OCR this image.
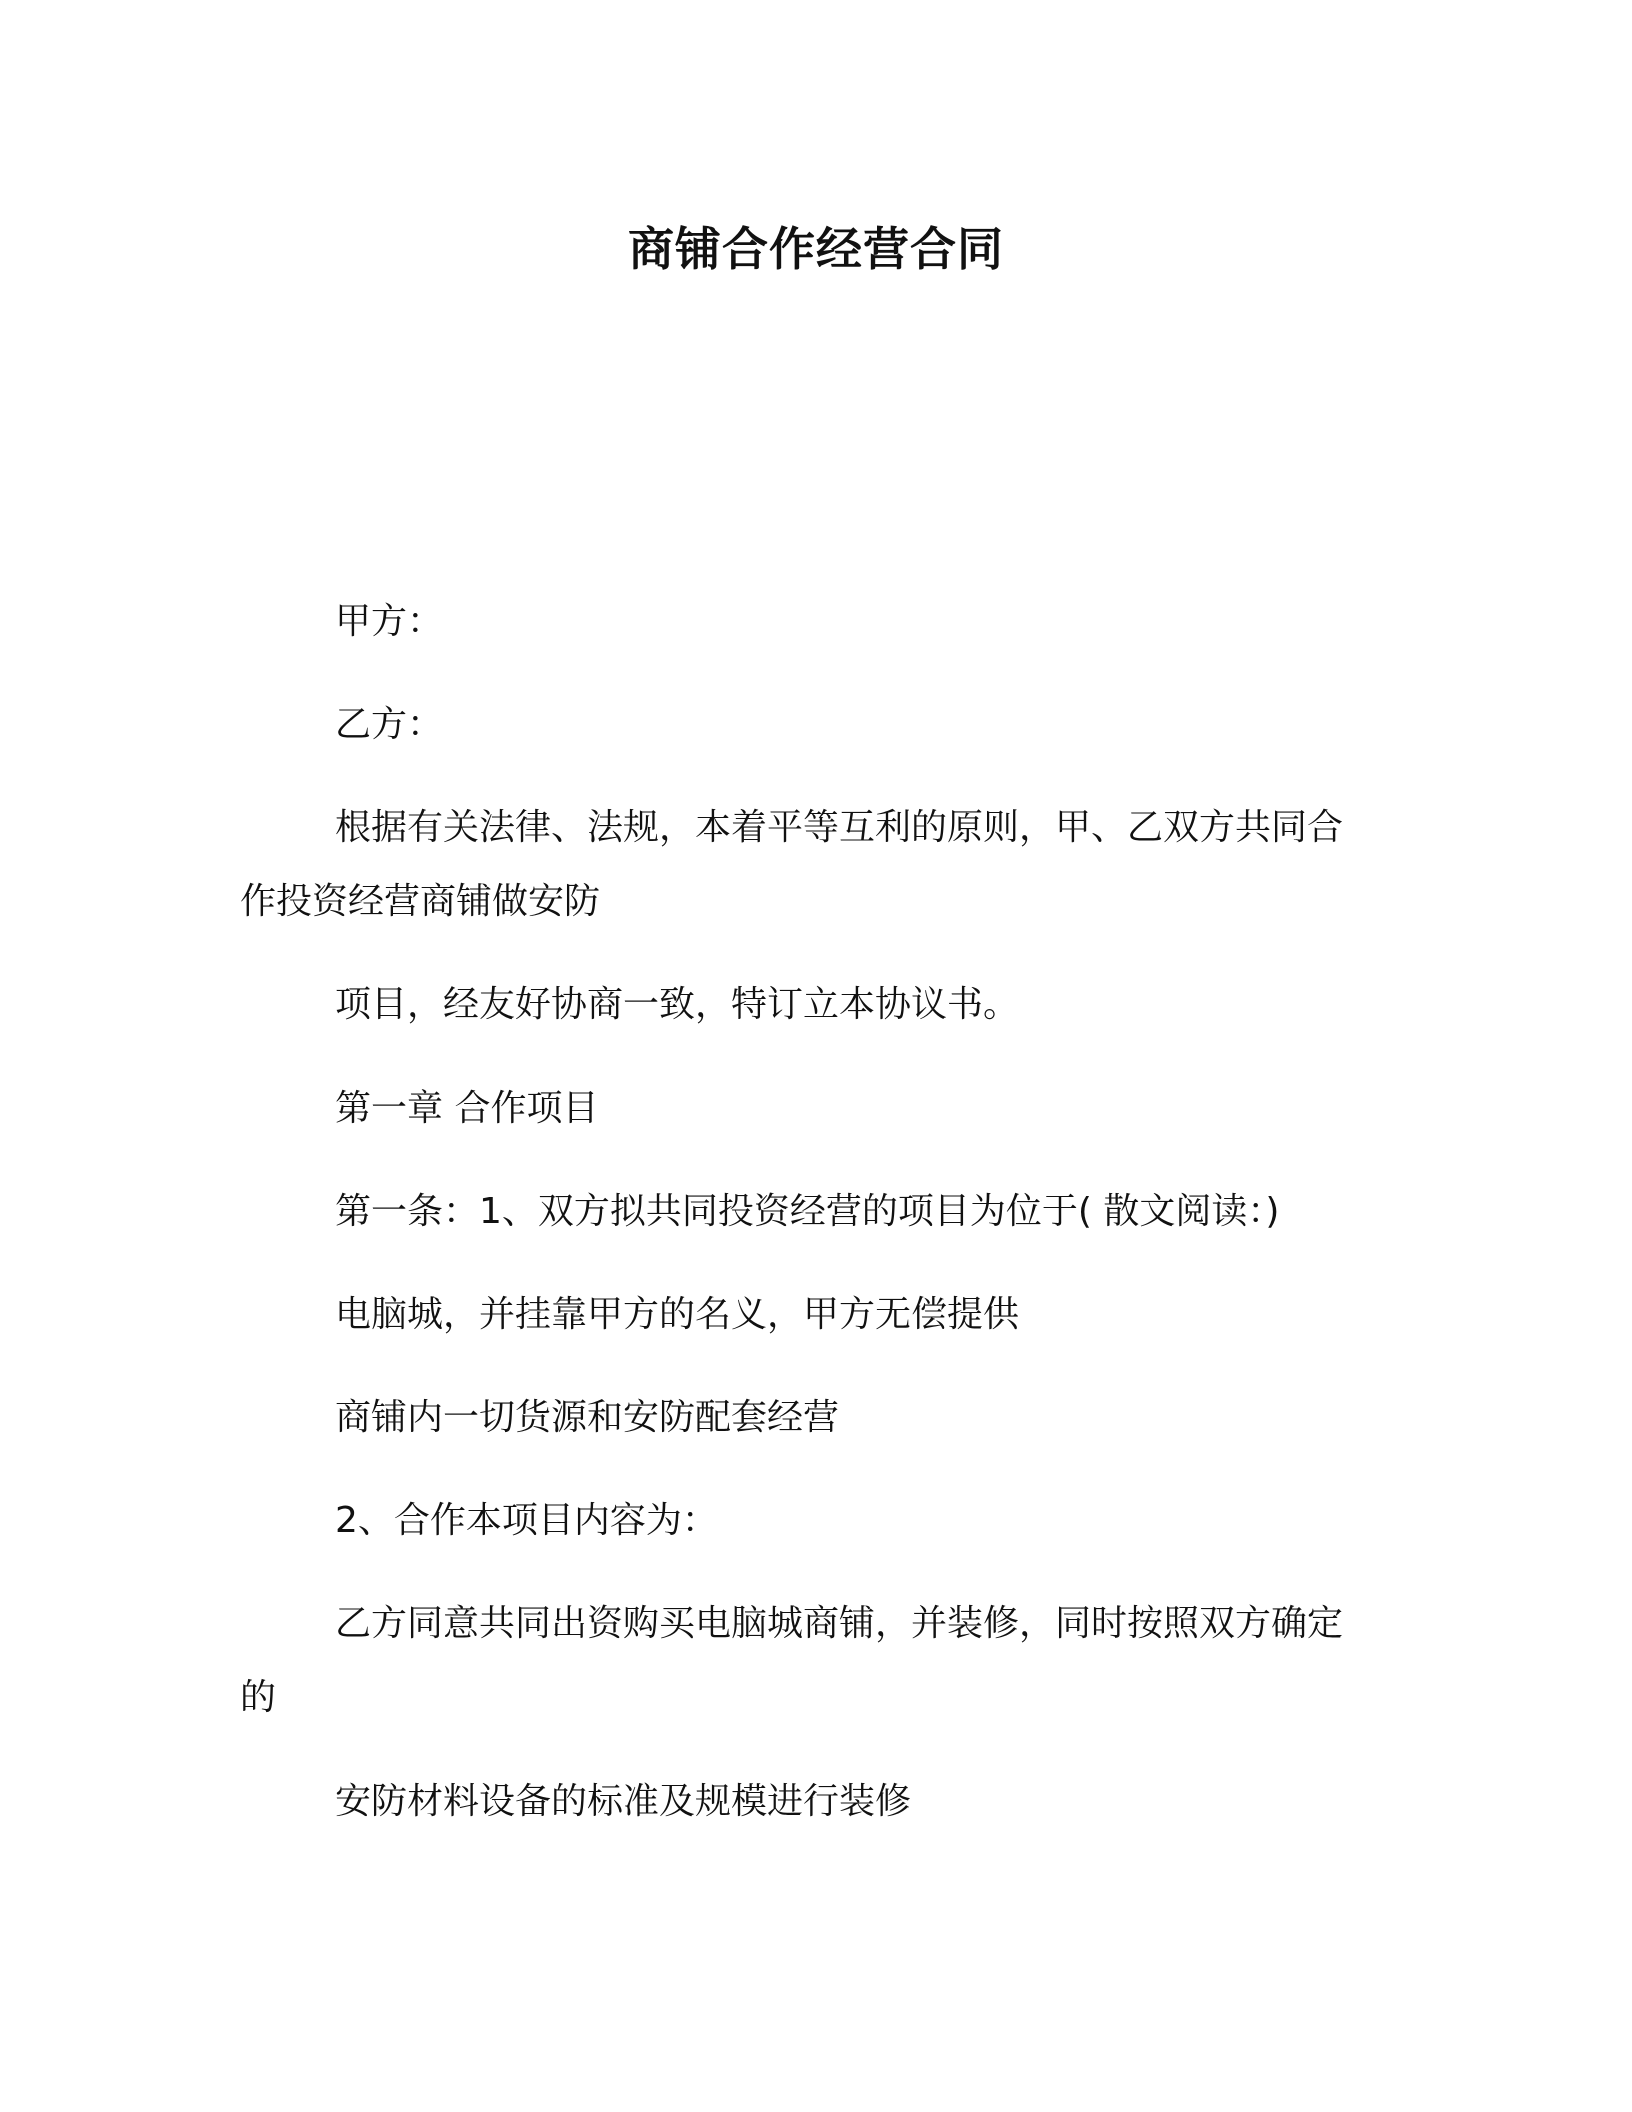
商铺合作经营合同
甲方：
乙方：
根据有关法律、法规，本着平等互利的原则，甲、乙双方共同合
作投资经营商铺做安防
项目，经友好协商一致，特订立本协议书。
第一章 合作项目
第一条：1、双方拟共同投资经营的项目为位于( 散文阅读：)
电脑城，并挂靠甲方的名义，甲方无偿提供
商铺内一切货源和安防配套经营
2、合作本项目内容为：
乙方同意共同出资购买电脑城商铺，并装修，同时按照双方确定
的
安防材料设备的标准及规模进行装修
